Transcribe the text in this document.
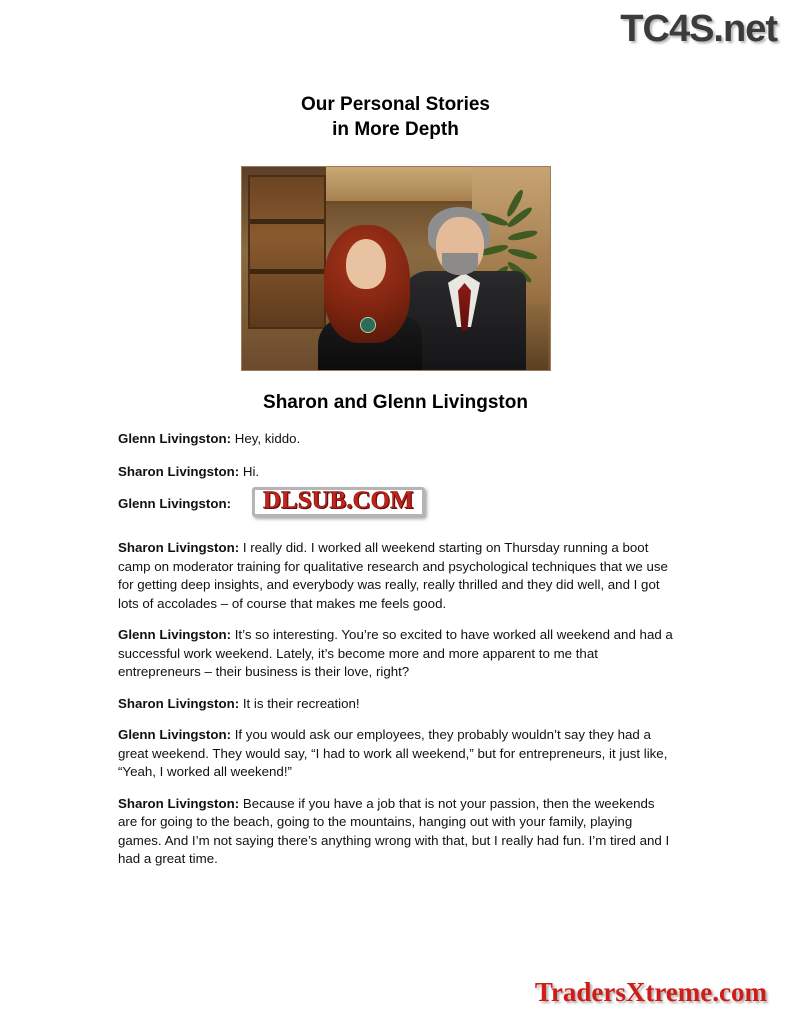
TC4S.net
Our Personal Stories
in More Depth
Sharon and Glenn Livingston

Glenn Livingston: Hey, kiddo.

Sharon Livingston: Hi.

Glenn Livingston:	DLSUB.COM

Sharon Livingston: I really did. I worked all weekend starting on Thursday running a boot camp on moderator training for qualitative research and psychological techniques that we use for getting deep insights, and everybody was really, really thrilled and they did well, and I got lots of accolades – of course that makes me feels good.

Glenn Livingston: It’s so interesting. You’re so excited to have worked all weekend and had a successful work weekend. Lately, it’s become more and more apparent to me that entrepreneurs – their business is their love, right?

Sharon Livingston: It is their recreation!

Glenn Livingston: If you would ask our employees, they probably wouldn’t say they had a great weekend. They would say, “I had to work all weekend,” but for entrepreneurs, it just like, “Yeah, I worked all weekend!”

Sharon Livingston: Because if you have a job that is not your passion, then the weekends are for going to the beach, going to the mountains, hanging out with your family, playing games. And I’m not saying there’s anything wrong with that, but I really had fun. I’m tired and I had a great time.

TradersXtreme.com
